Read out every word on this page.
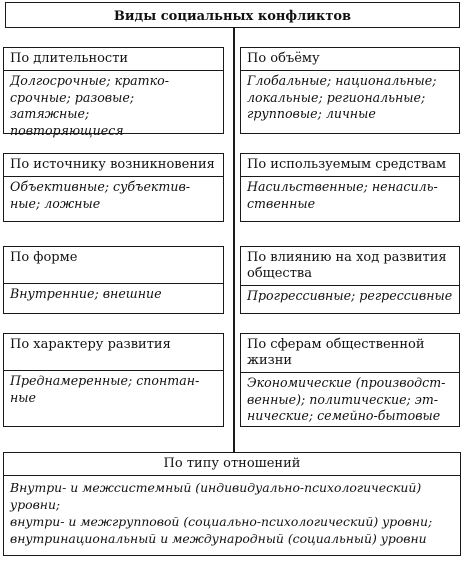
Виды социальных конфликтов
По длительности
Долгосрочные; кратко-
срочные; разовые; затяжные;
повторяющиеся
По источнику возникновения
Объективные; субъектив-
ные; ложные
По форме
Внутренние; внешние
По характеру развития
Преднамеренные; спонтан-
ные
По объёму
Глобальные; национальные;
локальные; региональные;
групповые; личные
По используемым средствам
Насильственные; ненасиль-
ственные
По влиянию на ход развития
общества
Прогрессивные; регрессивные
По сферам общественной
жизни
Экономические (производст-
венные); политические; эт-
нические; семейно-бытовые
По типу отношений
Внутри- и межсистемный (индивидуально-психологический)
уровни;
внутри- и межгрупповой (социально-психологический) уровни;
внутринациональный и международный (социальный) уровни
